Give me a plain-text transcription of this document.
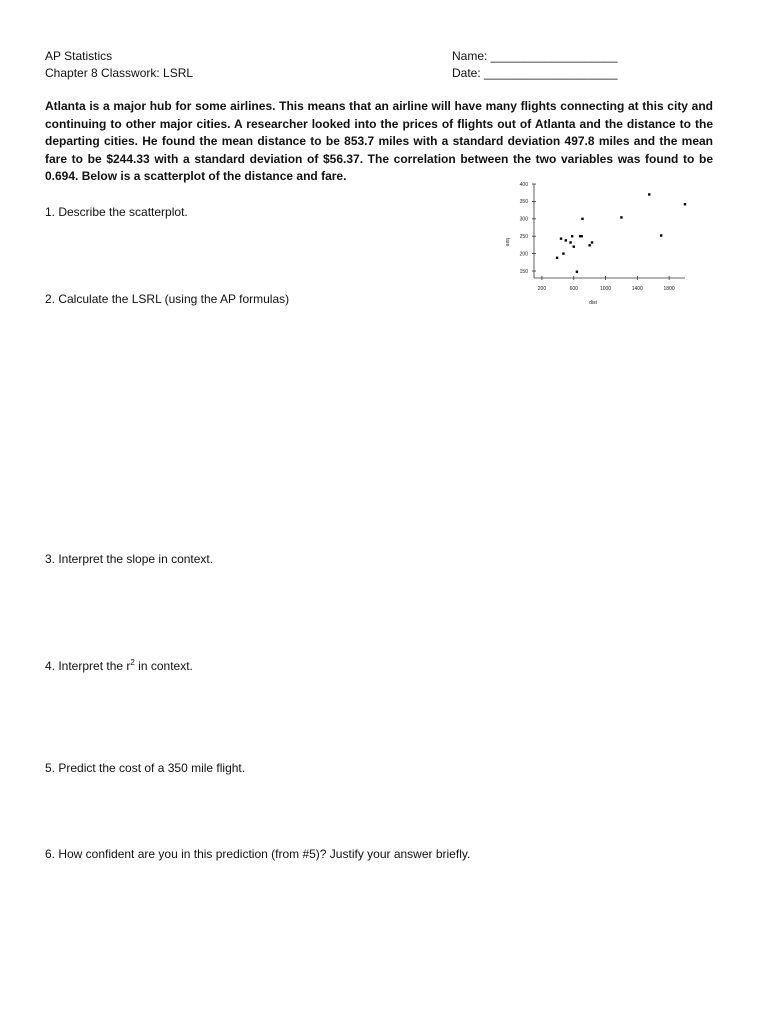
AP Statistics
Chapter 8 Classwork: LSRL
Name: ___________________
Date: ____________________
Atlanta is a major hub for some airlines. This means that an airline will have many flights connecting at this city and continuing to other major cities. A researcher looked into the prices of flights out of Atlanta and the distance to the departing cities. He found the mean distance to be 853.7 miles with a standard deviation 497.8 miles and the mean fare to be $244.33 with a standard deviation of $56.37. The correlation between the two variables was found to be 0.694. Below is a scatterplot of the distance and fare.
150
200
250
300
350
400
200	600	1000	1400	1800
dist
fare
1. Describe the scatterplot.
2. Calculate the LSRL (using the AP formulas)
3. Interpret the slope in context.
4. Interpret the $r^2$ in context.
5. Predict the cost of a 350 mile flight.
6. How confident are you in this prediction (from #5)? Justify your answer briefly.
